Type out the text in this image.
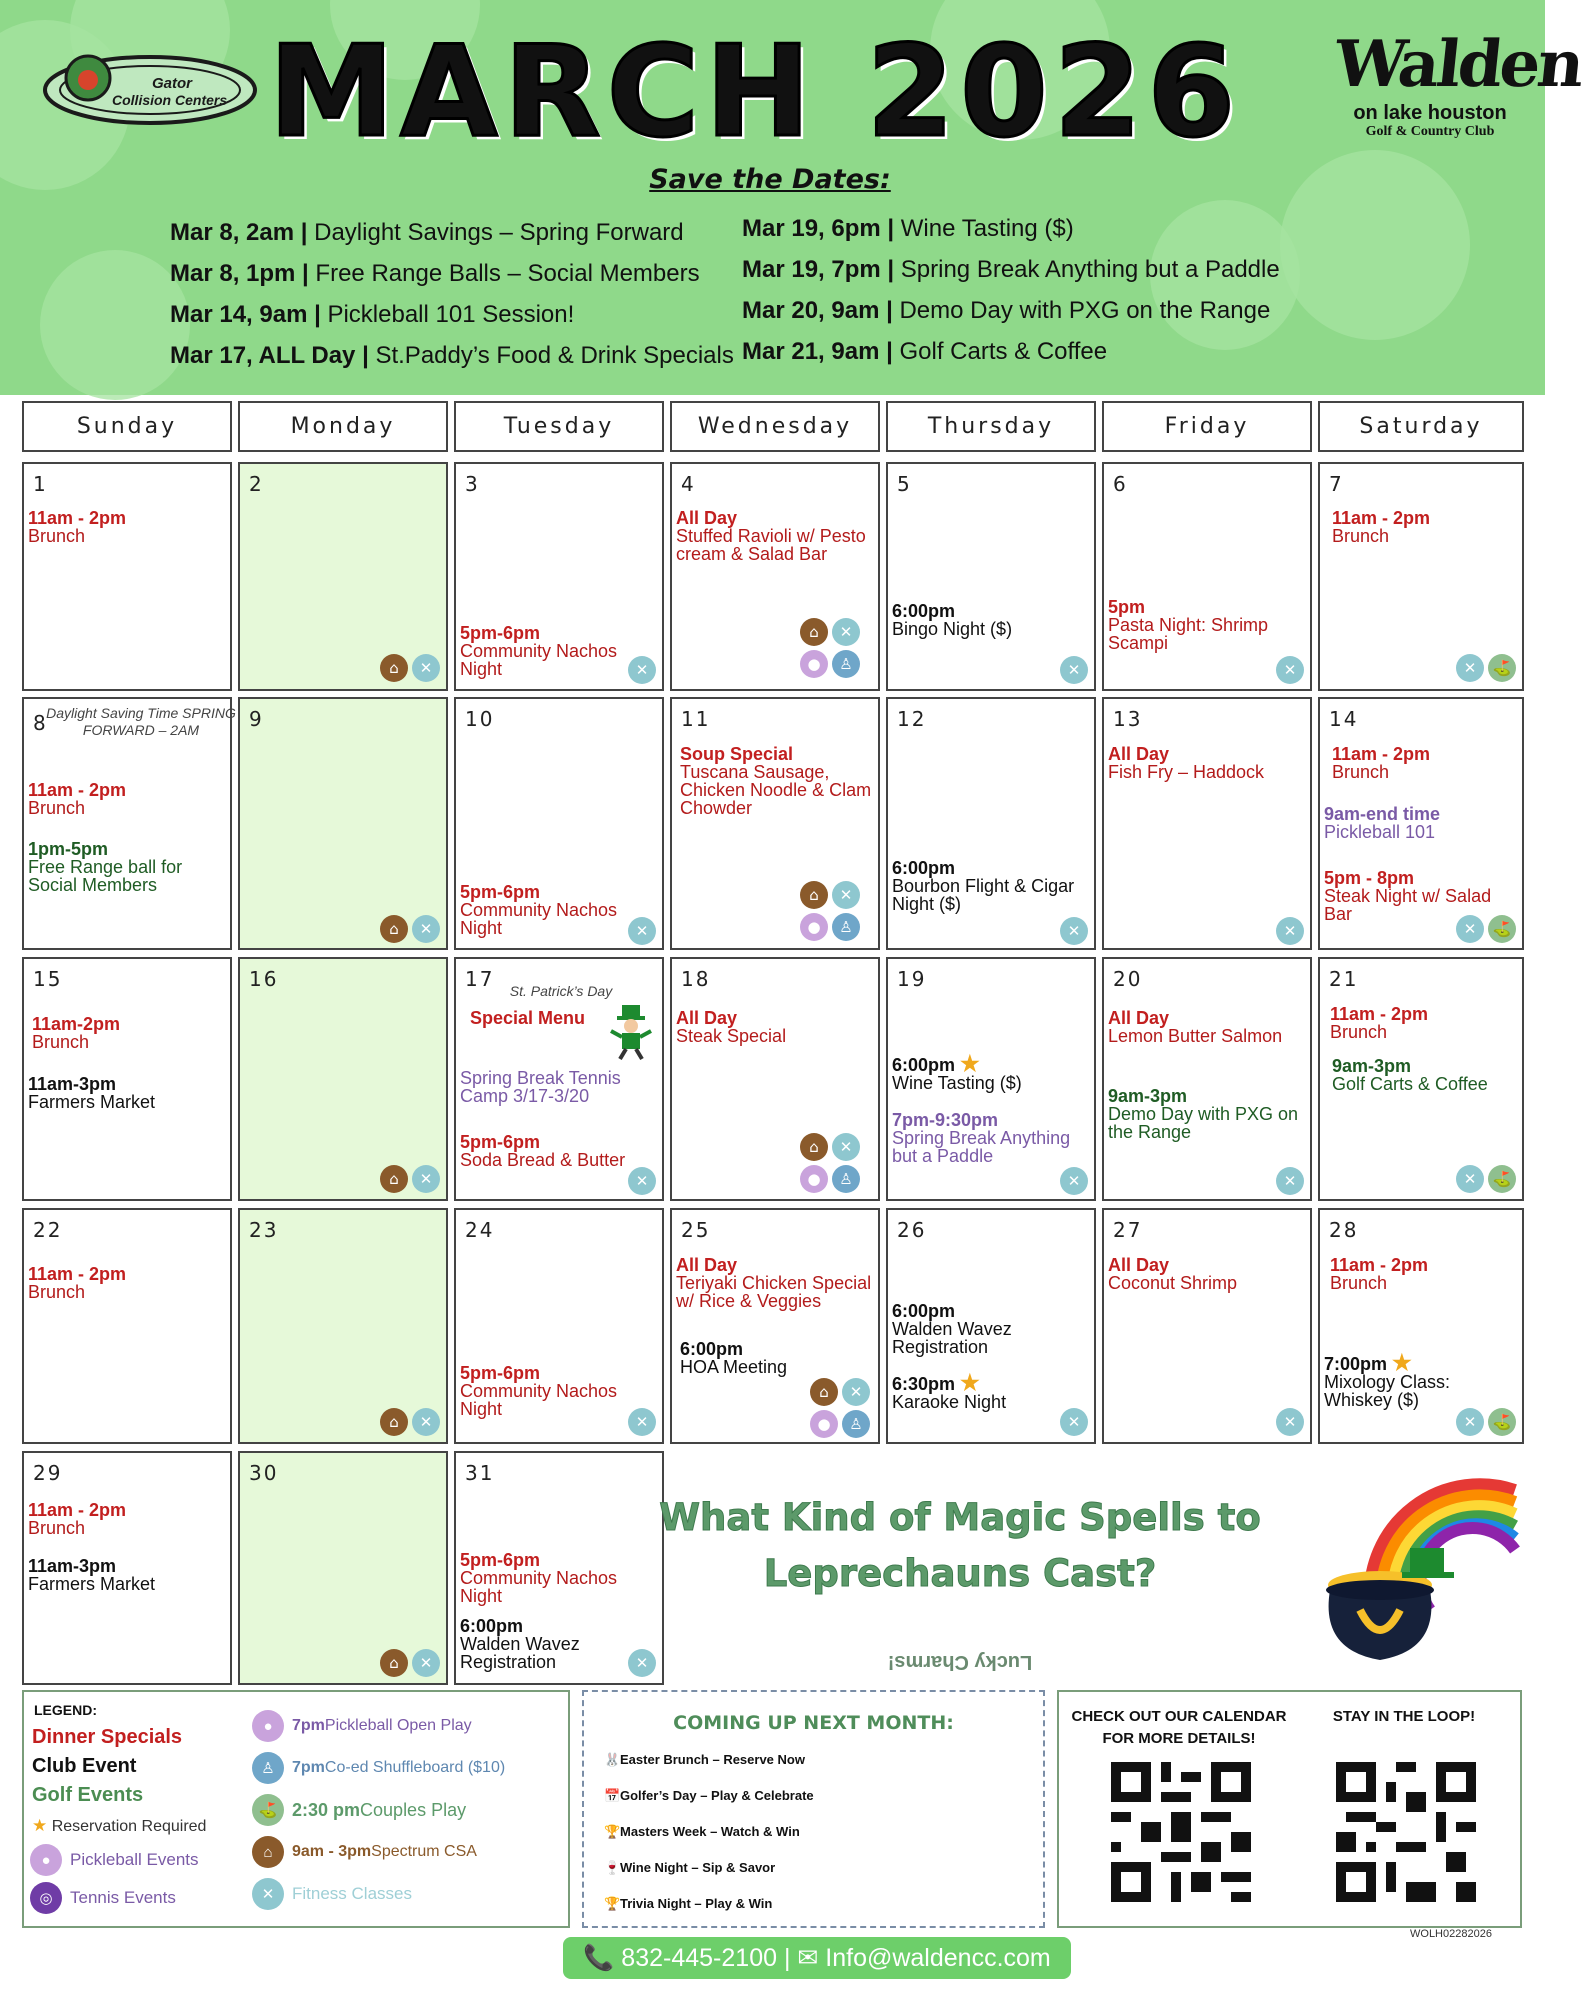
Gator
Collision Centers MARCH 2026 Walden
on lake houston
Golf & Country Club
Save the Dates:
Mar 8, 2am | Daylight Savings – Spring Forward
Mar 8, 1pm | Free Range Balls – Social Members
Mar 14, 9am | Pickleball 101 Session!
Mar 17, ALL Day | St.Paddy’s Food & Drink Specials
Mar 19, 6pm | Wine Tasting ($)
Mar 19, 7pm | Spring Break Anything but a Paddle
Mar 20, 9am | Demo Day with PXG on the Range
Mar 21, 9am | Golf Carts & Coffee
Sunday	Monday	Tuesday	Wednesday	Thursday	Friday	Saturday
1
11am - 2pm
Brunch
2
⌂	✕
3
5pm-6pm
Community Nachos Night	✕
4
All Day
Stuffed Ravioli w/ Pesto cream & Salad Bar
⌂	✕
●	♙
5
6:00pm
Bingo Night ($)
✕
6
5pm
Pasta Night: Shrimp Scampi
✕
7
11am - 2pm
Brunch
✕	⛳
8
Daylight Saving Time SPRING FORWARD – 2AM
11am - 2pm
Brunch
1pm-5pm
Free Range ball for Social Members
9
⌂	✕
10
5pm-6pm
Community Nachos Night	✕
11
Soup Special
Tuscana Sausage, Chicken Noodle & Clam Chowder
⌂	✕
●	♙
12
6:00pm
Bourbon Flight & Cigar Night ($)
✕
13
All Day
Fish Fry – Haddock
✕
14
11am - 2pm
Brunch
9am-end time
Pickleball 101
5pm - 8pm
Steak Night w/ Salad Bar
✕	⛳
15
11am-2pm
Brunch
11am-3pm
Farmers Market
16
⌂	✕
17	St. Patrick’s Day
Special Menu
Spring Break Tennis Camp 3/17-3/20
5pm-6pm
Soda Bread & Butter
✕
18
All Day
Steak Special
⌂	✕
●	♙
19
6:00pm ★
Wine Tasting ($)
7pm-9:30pm
Spring Break Anything but a Paddle
✕
20
All Day
Lemon Butter Salmon
9am-3pm
Demo Day with PXG on the Range
✕
21
11am - 2pm
Brunch
9am-3pm
Golf Carts & Coffee
✕	⛳
22
11am - 2pm
Brunch
23
⌂	✕
24
5pm-6pm
Community Nachos Night
✕
25
All Day
Teriyaki Chicken Special w/ Rice & Veggies
6:00pm
HOA Meeting
⌂	✕
●	♙
26
6:00pm
Walden Wavez Registration
6:30pm ★
Karaoke Night
✕
27
All Day
Coconut Shrimp
✕
28
11am - 2pm
Brunch
7:00pm ★
Mixology Class: Whiskey ($)
✕	⛳
29
11am - 2pm
Brunch
11am-3pm
Farmers Market
30
⌂	✕
31
5pm-6pm
Community Nachos Night
6:00pm
Walden Wavez Registration	✕
What Kind of Magic Spells to Leprechauns Cast?
Lucky Charms!
LEGEND:
Dinner Specials
Club Event
Golf Events
★ Reservation Required
●	Pickleball Events
◎	Tennis Events
●	7pm Pickleball Open Play
♙	7pm Co-ed Shuffleboard ($10)
⛳ 2:30 pm Couples Play
⌂	9am - 3pm Spectrum CSA
✕	Fitness Classes
COMING UP NEXT MONTH:
🐰Easter Brunch – Reserve Now
📅Golfer’s Day – Play & Celebrate
🏆Masters Week – Watch & Win
🍷Wine Night – Sip & Savor
🏆Trivia Night – Play & Win
CHECK OUT OUR CALENDAR FOR MORE DETAILS!
STAY IN THE LOOP!
WOLH02282026
📞 832-445-2100 | ✉ Info@waldencc.com
